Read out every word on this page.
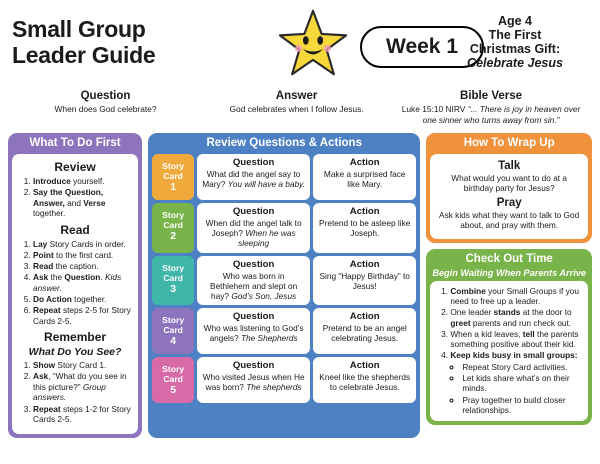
Small Group
Leader Guide	Week 1
Age 4
The First
Christmas Gift:
Celebrate Jesus
Question
When does God celebrate?
Answer
God celebrates when I follow Jesus.
Bible Verse
Luke 15:10 NIRV “... There is joy in heaven over one sinner who turns away from sin.”
What To Do First
Review
1. Introduce yourself.
2. Say the Question, Answer, and Verse together.
Read
1. Lay Story Cards in order.
2. Point to the first card.
3. Read the caption.
4. Ask the Question. Kids answer.
5. Do Action together.
6. Repeat steps 2-5 for Story Cards 2-5.
Remember
What Do You See?
1. Show Story Card 1.
2. Ask, “What do you see in this picture?” Group answers.
3. Repeat steps 1-2 for Story Cards 2-5.
Review Questions & Actions
Story Card
1
Question
What did the angel say to Mary? You will have a baby.
Action
Make a surprised face like Mary.
Story Card
2
Question
When did the angel talk to Joseph? When he was sleeping
Action
Pretend to be asleep like Joseph.
Story Card
3
Question
Who was born in Bethlehem and slept on hay? God’s Son, Jesus
Action
Sing “Happy Birthday” to Jesus!
Story Card
4
Question
Who was listening to God’s angels? The Shepherds
Action
Pretend to be an angel celebrating Jesus.
Story Card
5
Question
Who visited Jesus when He was born? The shepherds
Action
Kneel like the shepherds to celebrate Jesus.
How To Wrap Up
Talk
What would you want to do at a birthday party for Jesus?
Pray
Ask kids what they want to talk to God about, and pray with them.
Check Out Time
Begin Waiting When Parents Arrive
1. Combine your Small Groups if you need to free up a leader.
2. One leader stands at the door to greet parents and run check out.
3. When a kid leaves, tell the parents something positive about their kid.
4. Keep kids busy in small groups:
◦ Repeat Story Card activities.
◦ Let kids share what’s on their minds.
◦ Pray together to build closer relationships.
